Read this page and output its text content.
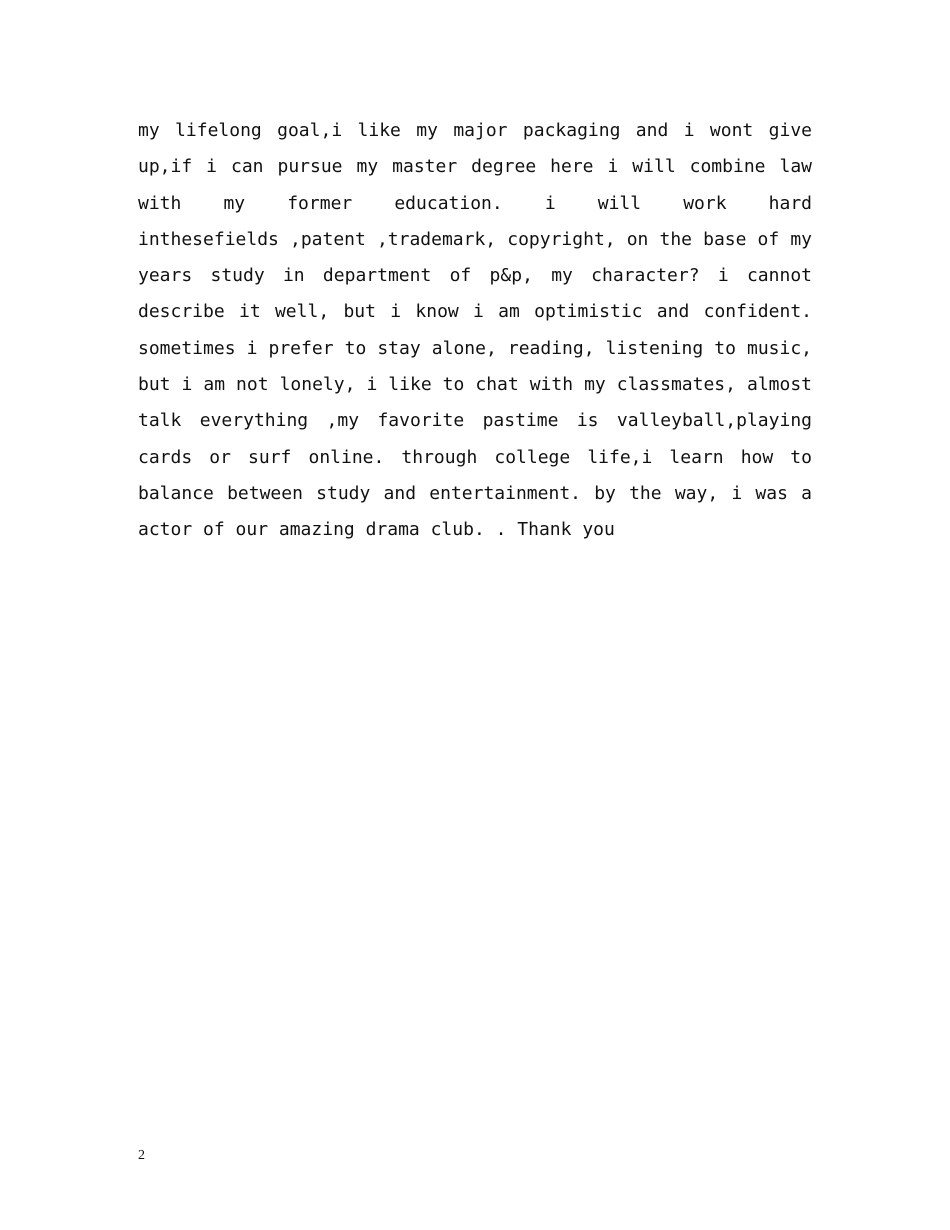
my lifelong goal,i like my major packaging and i wont give
up,if i can pursue my master degree here i will combine law
with my former education. i will work hard
inthesefields ,patent ,trademark, copyright, on the base of my
years study in department of p&p, my character? i cannot
describe it well, but i know i am optimistic and confident.
sometimes i prefer to stay alone, reading, listening to music,
but i am not lonely, i like to chat with my classmates, almost
talk everything ,my favorite pastime is valleyball,playing
cards or surf online. through college life,i learn how to
balance between study and entertainment. by the way, i was a
actor of our amazing drama club. . Thank you
2
